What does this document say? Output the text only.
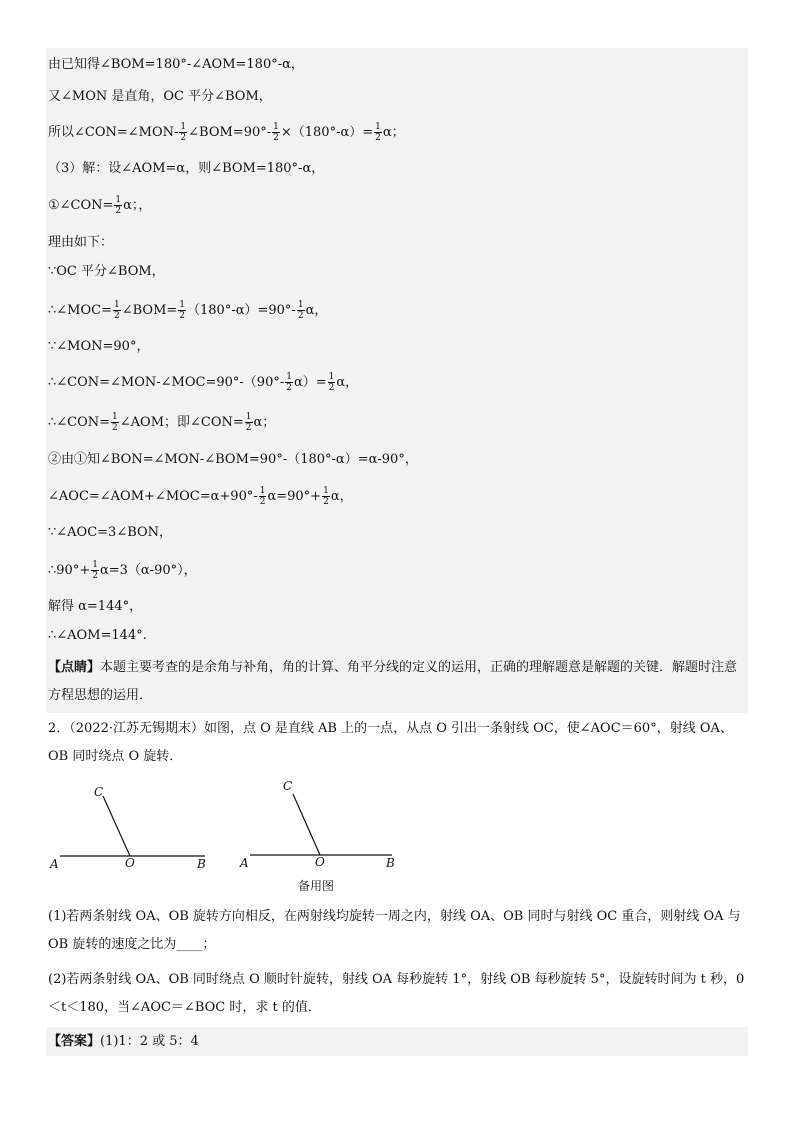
由已知得∠BOM=180°-∠AOM=180°-α，
又∠MON 是直角，OC 平分∠BOM，
所以∠CON=∠MON- $\frac{1}{2}$ ∠BOM=90°- $\frac{1}{2} \times(180^\circ-\alpha)= \frac{1}{2}$ α；
（3）解：设∠AOM=α，则∠BOM=180°-α，
①∠CON= $\frac{1}{2}$ α；，
理由如下：
∵OC 平分∠BOM，
∴∠MOC= $\frac{1}{2}$ ∠BOM= $\frac{1}{2} (180^\circ-\alpha)=90^\circ- \frac{1}{2}$ α，
∵∠MON=90°，
∴∠CON=∠MON-∠MOC=90°-（90°- $\frac{1}{2} \alpha)= \frac{1}{2}$ α，
∴∠CON= $\frac{1}{2}$ ∠AOM；即∠CON= $\frac{1}{2}$ α；
②由①知∠BON=∠MON-∠BOM=90°-（180°-α）=α-90°，
∠AOC=∠AOM+∠MOC=α+90°- $\frac{1}{2} \alpha=90^\circ+ \frac{1}{2}$ α，
∵∠AOC=3∠BON，
∴90°+ $\frac{1}{2} \alpha=3(\alpha-90^\circ)$，
解得 α=144°，
∴∠AOM=144°.
【点睛】本题主要考查的是余角与补角，角的计算、角平分线的定义的运用，正确的理解题意是解题的关键．解题时注意方程思想的运用．
2．（2022·江苏无锡期末）如图，点 O 是直线 AB 上的一点，从点 O 引出一条射线 OC，使∠AOC＝60°，射线 OA、OB 同时绕点 O 旋转．
A	O	B
C
A	O	B
C
备用图
(1)若两条射线 OA、OB 旋转方向相反，在两射线均旋转一周之内，射线 OA、OB 同时与射线 OC 重合，则射线 OA 与 OB 旋转的速度之比为____；
(2)若两条射线 OA、OB 同时绕点 O 顺时针旋转，射线 OA 每秒旋转 1°，射线 OB 每秒旋转 5°，设旋转时间为 t 秒，0＜t＜180，当∠AOC＝∠BOC 时，求 t 的值．
【答案】(1)1：2 或 5：4
